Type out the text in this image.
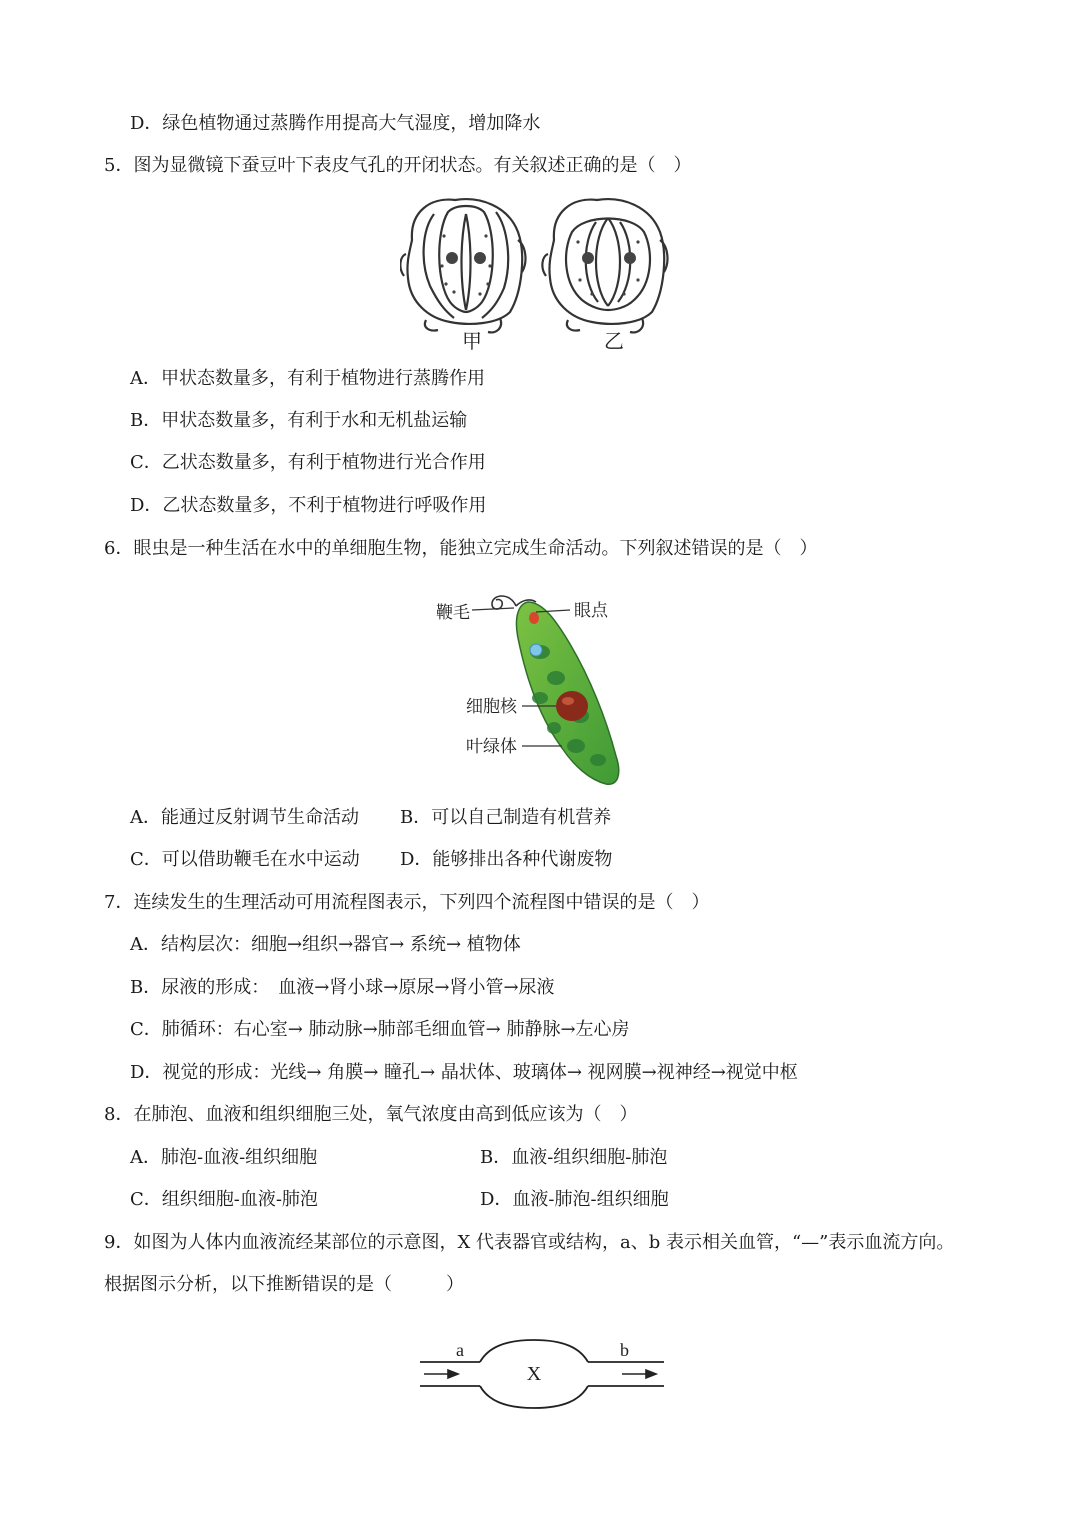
D．绿色植物通过蒸腾作用提高大气湿度，增加降水
5．图为显微镜下蚕豆叶下表皮气孔的开闭状态。有关叙述正确的是（　）
甲	乙
A．甲状态数量多，有利于植物进行蒸腾作用
B．甲状态数量多，有利于水和无机盐运输
C．乙状态数量多，有利于植物进行光合作用
D．乙状态数量多，不利于植物进行呼吸作用
6．眼虫是一种生活在水中的单细胞生物，能独立完成生命活动。下列叙述错误的是（　）
鞭毛	眼点
细胞核
叶绿体
A．能通过反射调节生命活动 B．可以自己制造有机营养
C．可以借助鞭毛在水中运动 D．能够排出各种代谢废物
7．连续发生的生理活动可用流程图表示，下列四个流程图中错误的是（　）
A．结构层次：细胞→组织→器官→ 系统→ 植物体
B．尿液的形成：　血液→肾小球→原尿→肾小管→尿液
C．肺循环：右心室→ 肺动脉→肺部毛细血管→ 肺静脉→左心房
D．视觉的形成：光线→ 角膜→ 瞳孔→ 晶状体、玻璃体→ 视网膜→视神经→视觉中枢
8．在肺泡、血液和组织细胞三处，氧气浓度由高到低应该为（　）
A．肺泡-血液-组织细胞	B．血液-组织细胞-肺泡
C．组织细胞-血液-肺泡	D．血液-肺泡-组织细胞
9．如图为人体内血液流经某部位的示意图，X 代表器官或结构，a、b 表示相关血管，“—”表示血流方向。
根据图示分析，以下推断错误的是（　　　）
a	b
X
